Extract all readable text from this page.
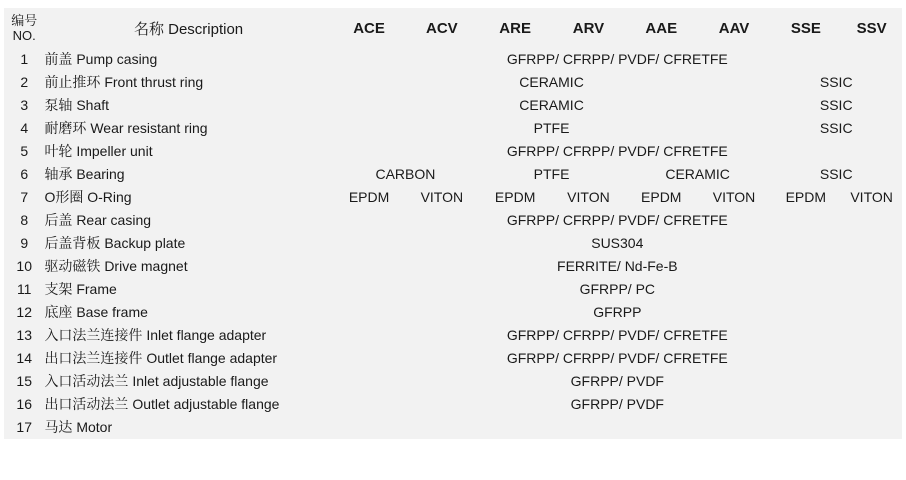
编号
NO.	名称 Description	ACE	ACV	ARE	ARV	AAE	AAV	SSE	SSV
1	前盖 Pump casing	GFRPP/ CFRPP/ PVDF/ CFRETFE							
2	前止推环 Front thrust ring	CERAMIC						SSIC	
3	泵轴 Shaft	CERAMIC						SSIC	
4	耐磨环 Wear resistant ring	PTFE						SSIC	
5	叶轮 Impeller unit	GFRPP/ CFRPP/ PVDF/ CFRETFE							
6	轴承 Bearing	CARBON		PTFE		CERAMIC		SSIC	
7	O形圈 O-Ring	EPDM	VITON	EPDM	VITON	EPDM	VITON	EPDM	VITON
8	后盖 Rear casing	GFRPP/ CFRPP/ PVDF/ CFRETFE							
9	后盖背板 Backup plate	SUS304							
10	驱动磁铁 Drive magnet	FERRITE/ Nd-Fe-B							
11	支架 Frame	GFRPP/ PC							
12	底座 Base frame	GFRPP							
13	入口法兰连接件 Inlet flange adapter	GFRPP/ CFRPP/ PVDF/ CFRETFE							
14	出口法兰连接件 Outlet flange adapter	GFRPP/ CFRPP/ PVDF/ CFRETFE							
15	入口活动法兰 Inlet adjustable flange	GFRPP/ PVDF							
16	出口活动法兰 Outlet adjustable flange	GFRPP/ PVDF							
17	马达 Motor								
